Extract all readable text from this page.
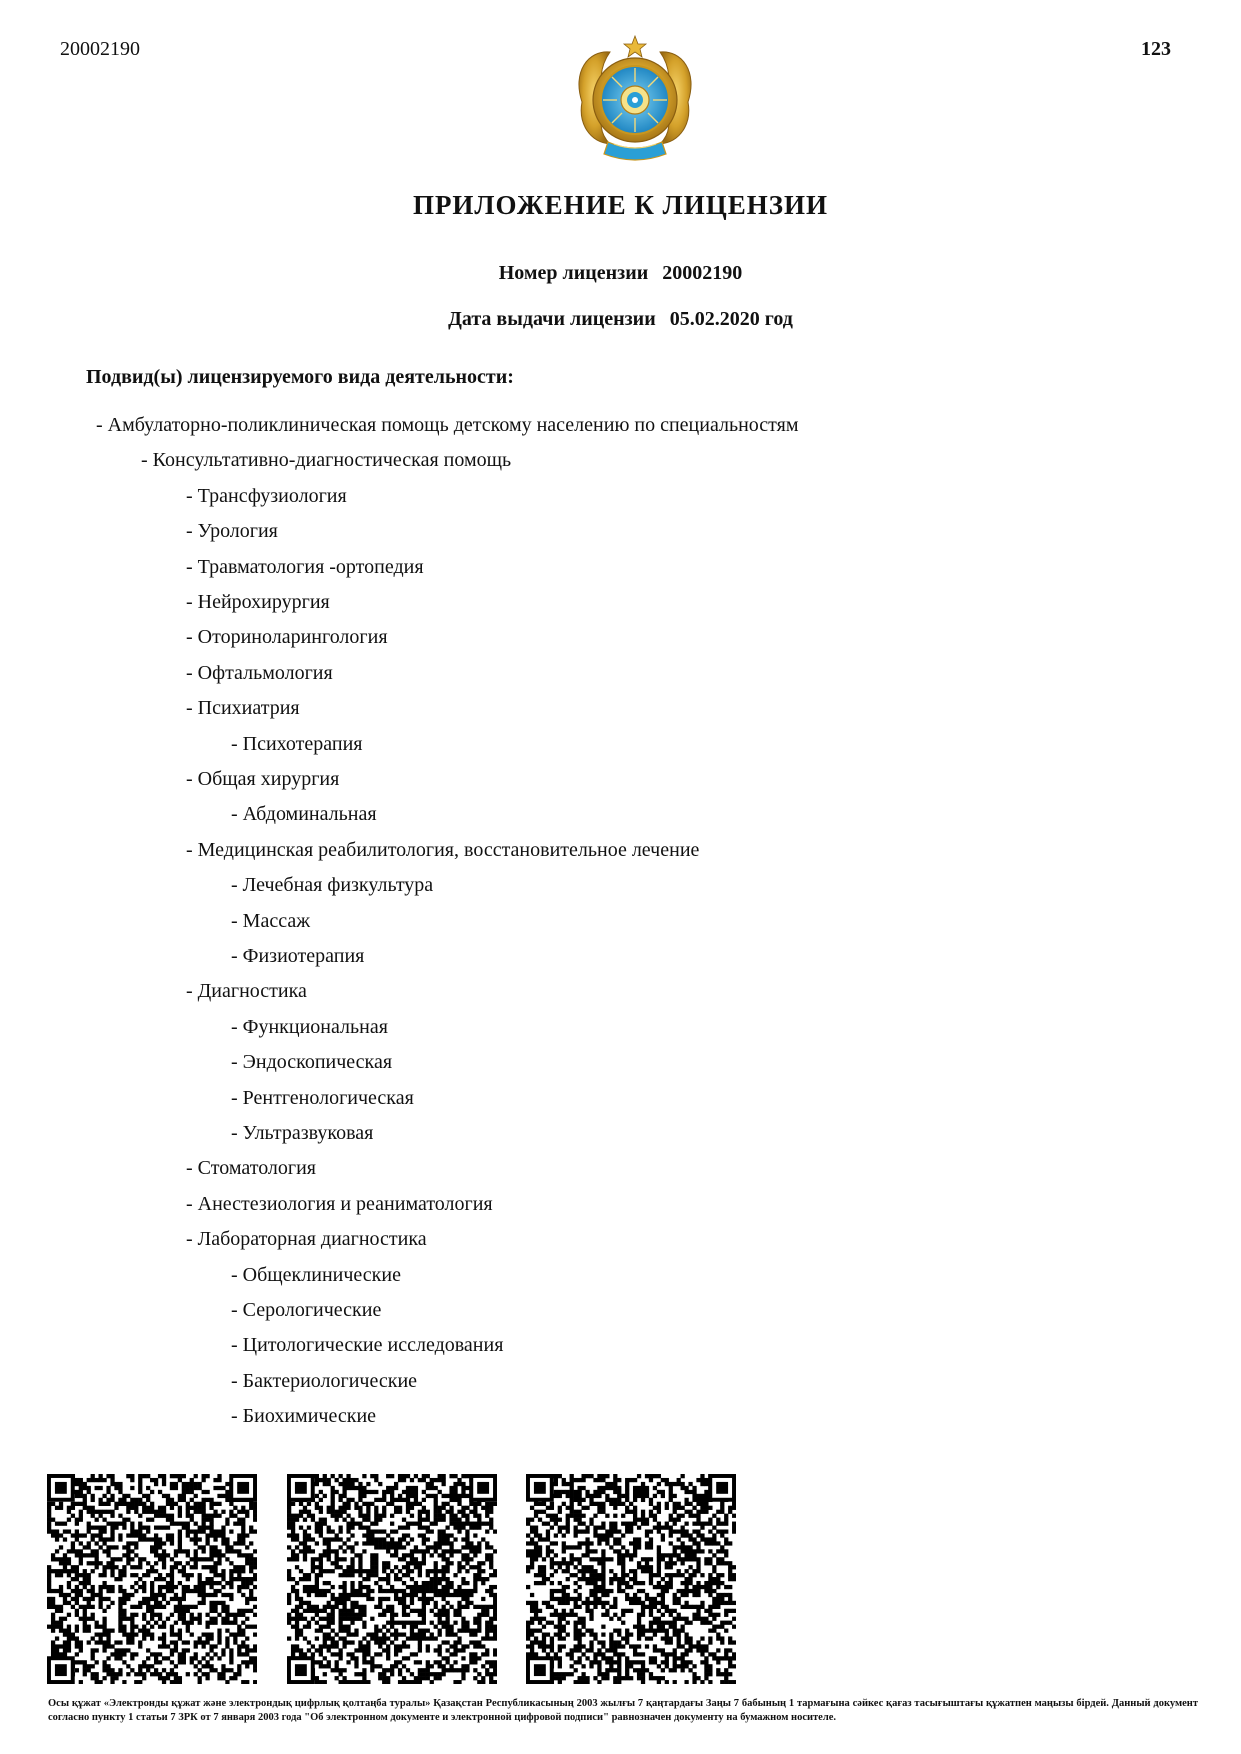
20002190	123
ПРИЛОЖЕНИЕ К ЛИЦЕНЗИИ
Номер лицензии 20002190
Дата выдачи лицензии 05.02.2020 год
Подвид(ы) лицензируемого вида деятельности:
- Амбулаторно-поликлиническая помощь детскому населению по специальностям
- Консультативно-диагностическая помощь
- Трансфузиология
- Урология
- Травматология -ортопедия
- Нейрохирургия
- Оториноларингология
- Офтальмология
- Психиатрия
- Психотерапия
- Общая хирургия
- Абдоминальная
- Медицинская реабилитология, восстановительное лечение
- Лечебная физкультура
- Массаж
- Физиотерапия
- Диагностика
- Функциональная
- Эндоскопическая
- Рентгенологическая
- Ультразвуковая
- Стоматология
- Анестезиология и реаниматология
- Лабораторная диагностика
- Общеклинические
- Серологические
- Цитологические исследования
- Бактериологические
- Биохимические
Осы құжат «Электронды құжат және электрондық цифрлық қолтаңба туралы» Қазақстан Республикасының 2003 жылғы 7 қаңтардағы Заңы 7 бабының 1 тармағына сәйкес қағаз тасығыштағы құжатпен маңызы бірдей. Данный документ согласно пункту 1 статьи 7 ЗРК от 7 января 2003 года "Об электронном документе и электронной цифровой подписи" равнозначен документу на бумажном носителе.
